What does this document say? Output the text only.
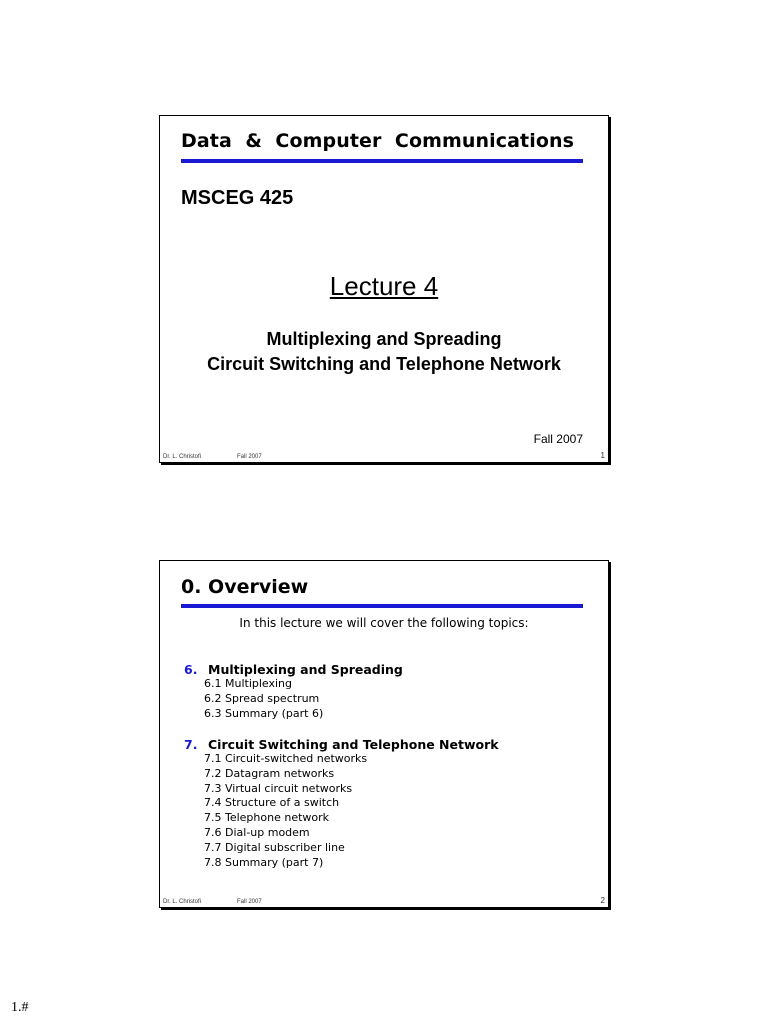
Data  &  Computer  Communications
MSCEG 425
Lecture 4
Multiplexing and Spreading
Circuit Switching and Telephone Network
Fall 2007
Dr. L. Christofi	Fall 2007	1
0. Overview
In this lecture we will cover the following topics:
6. Multiplexing and Spreading
6.1 Multiplexing
6.2 Spread spectrum
6.3 Summary (part 6)
7. Circuit Switching and Telephone Network
7.1 Circuit-switched networks
7.2 Datagram networks
7.3 Virtual circuit networks
7.4 Structure of a switch
7.5 Telephone network
7.6 Dial-up modem
7.7 Digital subscriber line
7.8 Summary (part 7)
Dr. L. Christofi	Fall 2007	2
1.#
